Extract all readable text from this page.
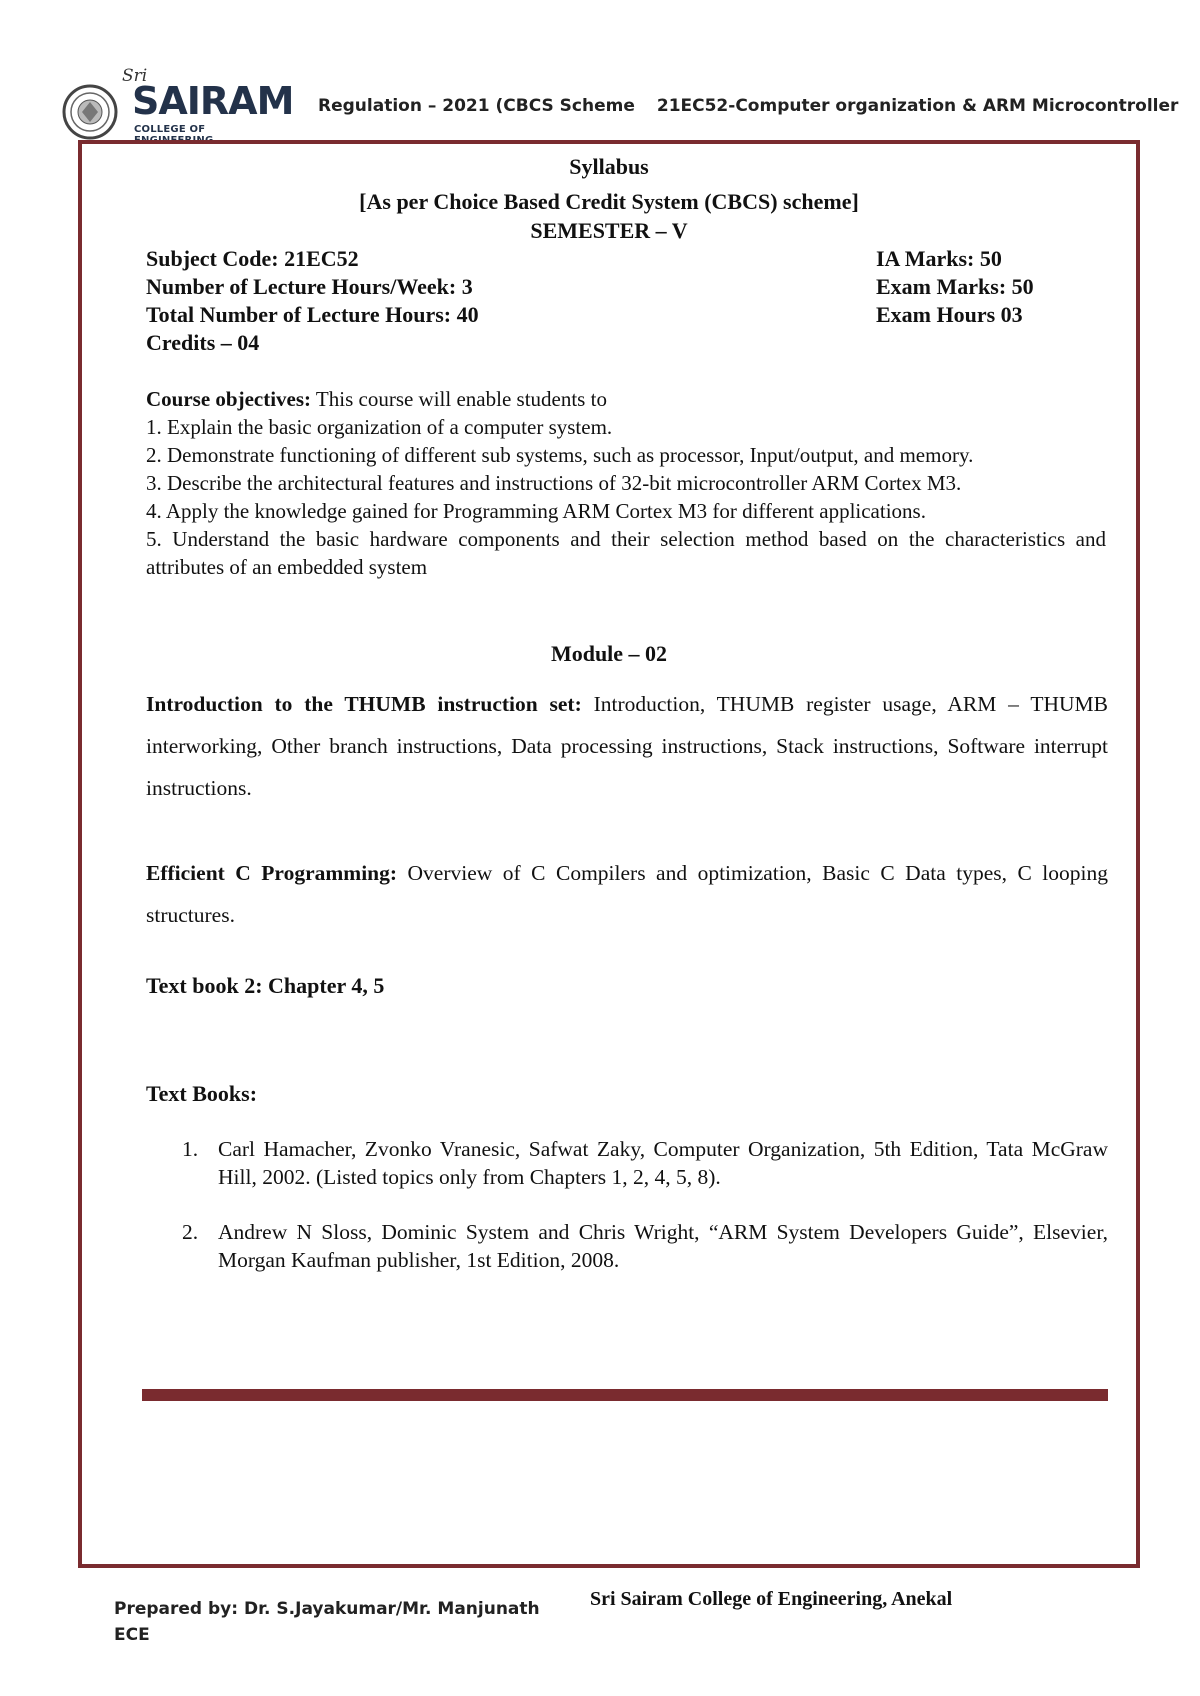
Sri
SAIRAM
COLLEGE OF ENGINEERING
Regulation – 2021 (CBCS Scheme 21EC52-Computer organization & ARM Microcontroller
Syllabus
[As per Choice Based Credit System (CBCS) scheme]
SEMESTER – V
Subject Code: 21EC52
Number of Lecture Hours/Week: 3
Total Number of Lecture Hours: 40
Credits – 04
IA Marks: 50
Exam Marks: 50
Exam Hours 03
Course objectives: This course will enable students to
1. Explain the basic organization of a computer system.
2. Demonstrate functioning of different sub systems, such as processor, Input/output, and memory.
3. Describe the architectural features and instructions of 32-bit microcontroller ARM Cortex M3.
4. Apply the knowledge gained for Programming ARM Cortex M3 for different applications.
5. Understand the basic hardware components and their selection method based on the characteristics and attributes of an embedded system
Module – 02
Introduction to the THUMB instruction set: Introduction, THUMB register usage, ARM – THUMB interworking, Other branch instructions, Data processing instructions, Stack instructions, Software interrupt instructions.
Efficient C Programming: Overview of C Compilers and optimization, Basic C Data types, C looping structures.
Text book 2: Chapter 4, 5
Text Books:
1. Carl Hamacher, Zvonko Vranesic, Safwat Zaky, Computer Organization, 5th Edition, Tata McGraw Hill, 2002. (Listed topics only from Chapters 1, 2, 4, 5, 8).
2. Andrew N Sloss, Dominic System and Chris Wright, “ARM System Developers Guide”, Elsevier, Morgan Kaufman publisher, 1st Edition, 2008.
Prepared by: Dr. S.Jayakumar/Mr. Manjunath
ECE
Sri Sairam College of Engineering, Anekal
